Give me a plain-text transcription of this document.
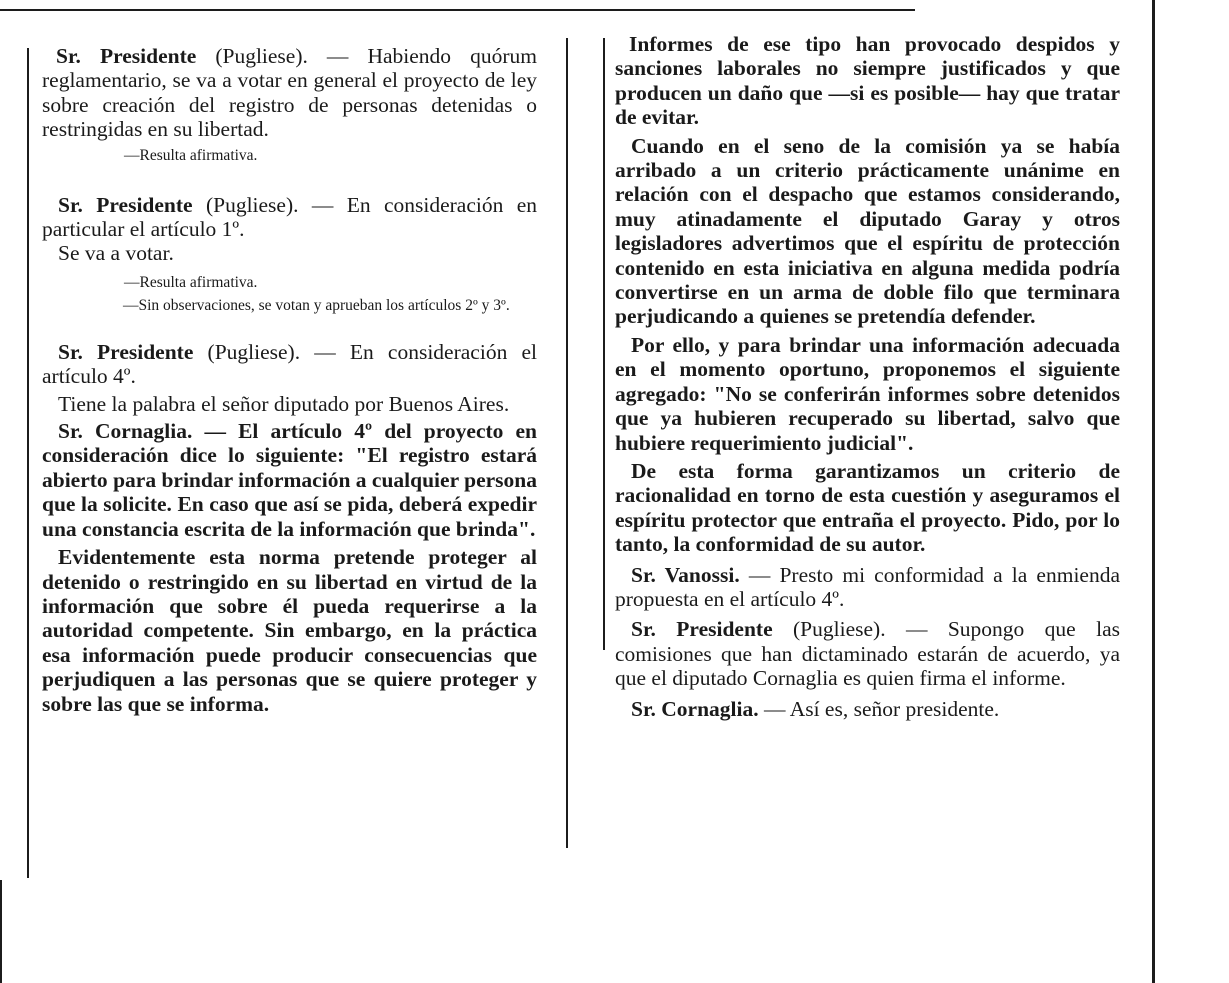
Sr. Presidente (Pugliese). — Habiendo quórum reglamentario, se va a votar en general el proyecto de ley sobre creación del registro de personas detenidas o restringidas en su libertad.

—Resulta afirmativa.

Sr. Presidente (Pugliese). — En consideración en particular el artículo 1º.

Se va a votar.

—Resulta afirmativa.

—Sin observaciones, se votan y aprueban los artículos 2º y 3º.

Sr. Presidente (Pugliese). — En consideración el artículo 4º.

Tiene la palabra el señor diputado por Buenos Aires.

Sr. Cornaglia. — El artículo 4º del proyecto en consideración dice lo siguiente: "El registro estará abierto para brindar información a cualquier persona que la solicite. En caso que así se pida, deberá expedir una constancia escrita de la información que brinda".

Evidentemente esta norma pretende proteger al detenido o restringido en su libertad en virtud de la información que sobre él pueda requerirse a la autoridad competente. Sin embargo, en la práctica esa información puede producir consecuencias que perjudiquen a las personas que se quiere proteger y sobre las que se informa.

Informes de ese tipo han provocado despidos y sanciones laborales no siempre justificados y que producen un daño que —si es posible— hay que tratar de evitar.

Cuando en el seno de la comisión ya se había arribado a un criterio prácticamente unánime en relación con el despacho que estamos considerando, muy atinadamente el diputado Garay y otros legisladores advertimos que el espíritu de protección contenido en esta iniciativa en alguna medida podría convertirse en un arma de doble filo que terminara perjudicando a quienes se pretendía defender.

Por ello, y para brindar una información adecuada en el momento oportuno, proponemos el siguiente agregado: "No se conferirán informes sobre detenidos que ya hubieren recuperado su libertad, salvo que hubiere requerimiento judicial".

De esta forma garantizamos un criterio de racionalidad en torno de esta cuestión y aseguramos el espíritu protector que entraña el proyecto. Pido, por lo tanto, la conformidad de su autor.

Sr. Vanossi. — Presto mi conformidad a la enmienda propuesta en el artículo 4º.

Sr. Presidente (Pugliese). — Supongo que las comisiones que han dictaminado estarán de acuerdo, ya que el diputado Cornaglia es quien firma el informe.

Sr. Cornaglia. — Así es, señor presidente.
